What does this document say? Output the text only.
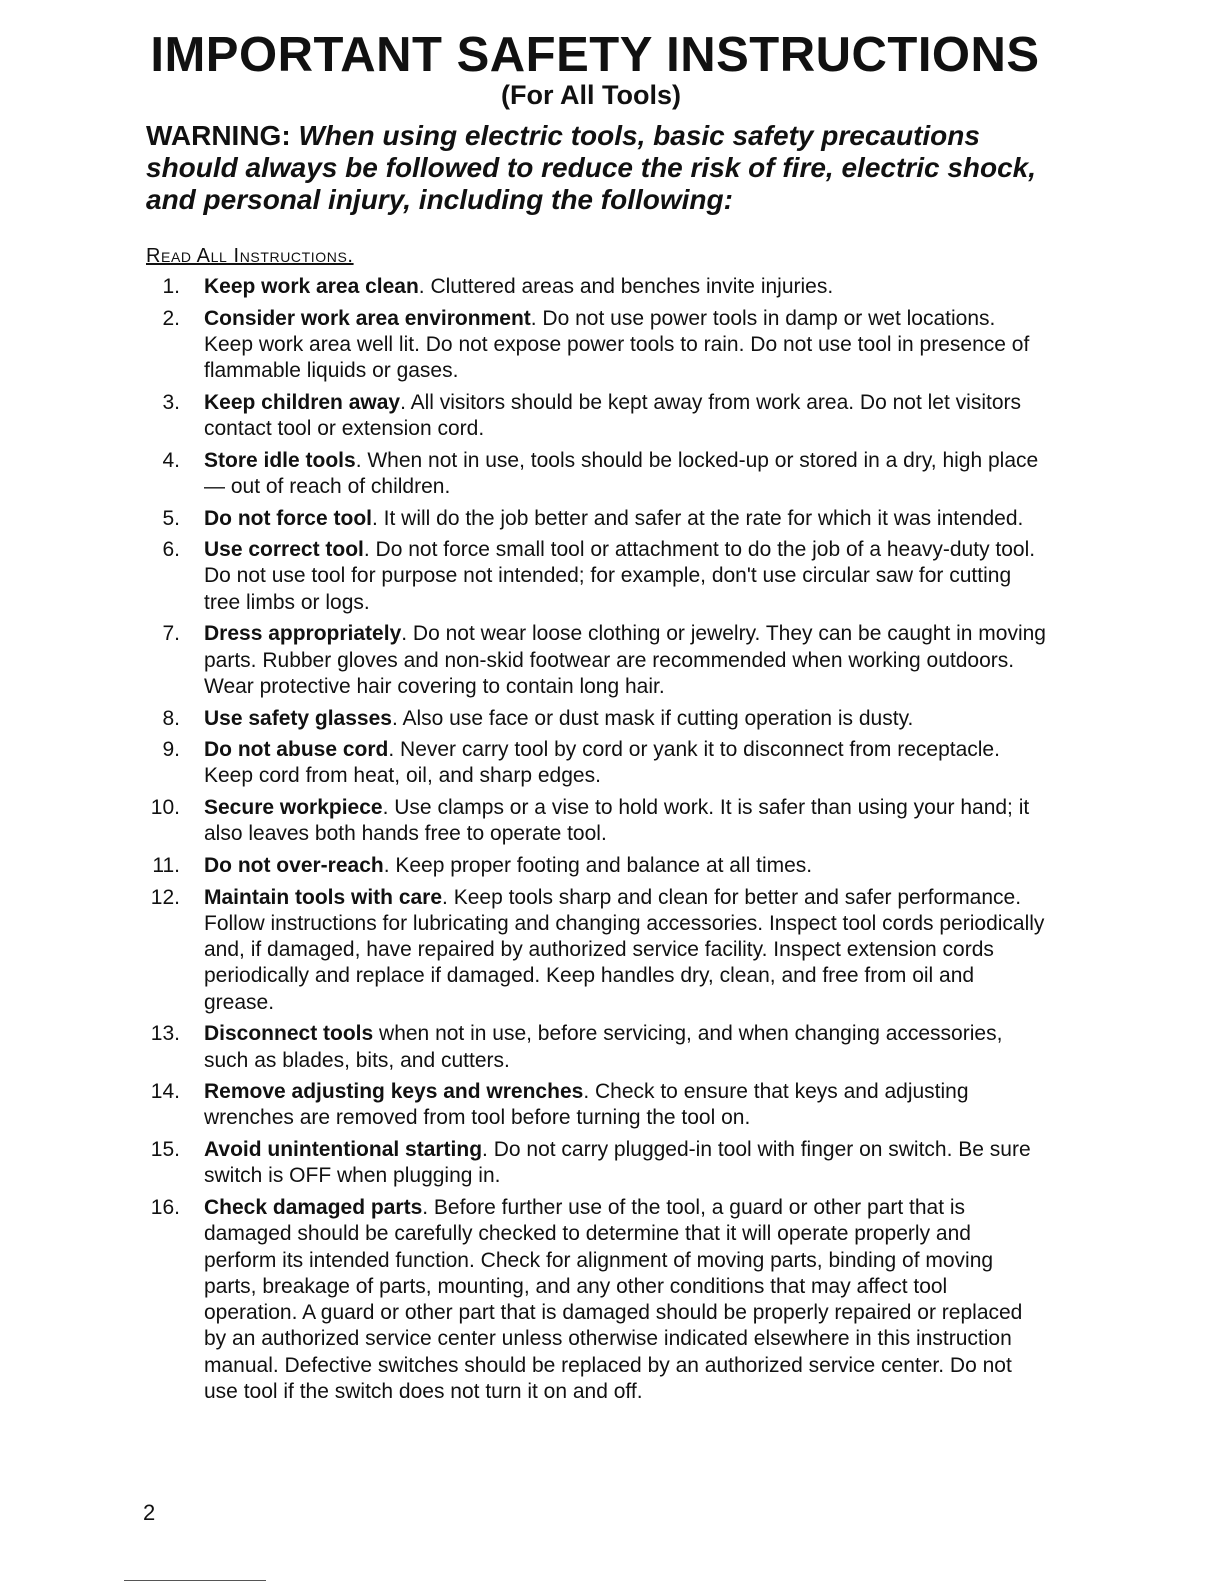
IMPORTANT SAFETY INSTRUCTIONS
(For All Tools)
WARNING: When using electric tools, basic safety precautions should always be followed to reduce the risk of fire, electric shock, and personal injury, including the following:
Read All Instructions.
1. Keep work area clean. Cluttered areas and benches invite injuries.
2. Consider work area environment. Do not use power tools in damp or wet locations. Keep work area well lit. Do not expose power tools to rain. Do not use tool in presence of flammable liquids or gases.
3. Keep children away. All visitors should be kept away from work area. Do not let visitors contact tool or extension cord.
4. Store idle tools. When not in use, tools should be locked-up or stored in a dry, high place — out of reach of children.
5. Do not force tool. It will do the job better and safer at the rate for which it was intended.
6. Use correct tool. Do not force small tool or attachment to do the job of a heavy-duty tool. Do not use tool for purpose not intended; for example, don't use circular saw for cutting tree limbs or logs.
7. Dress appropriately. Do not wear loose clothing or jewelry. They can be caught in moving parts. Rubber gloves and non-skid footwear are recommended when working outdoors. Wear protective hair covering to contain long hair.
8. Use safety glasses. Also use face or dust mask if cutting operation is dusty.
9. Do not abuse cord. Never carry tool by cord or yank it to disconnect from receptacle. Keep cord from heat, oil, and sharp edges.
10. Secure workpiece. Use clamps or a vise to hold work. It is safer than using your hand; it also leaves both hands free to operate tool.
11. Do not over-reach. Keep proper footing and balance at all times.
12. Maintain tools with care. Keep tools sharp and clean for better and safer performance. Follow instructions for lubricating and changing accessories. Inspect tool cords periodically and, if damaged, have repaired by authorized service facility. Inspect extension cords periodically and replace if damaged. Keep handles dry, clean, and free from oil and grease.
13. Disconnect tools when not in use, before servicing, and when changing accessories, such as blades, bits, and cutters.
14. Remove adjusting keys and wrenches. Check to ensure that keys and adjusting wrenches are removed from tool before turning the tool on.
15. Avoid unintentional starting. Do not carry plugged-in tool with finger on switch. Be sure switch is OFF when plugging in.
16. Check damaged parts. Before further use of the tool, a guard or other part that is damaged should be carefully checked to determine that it will operate properly and perform its intended function. Check for alignment of moving parts, binding of moving parts, breakage of parts, mounting, and any other conditions that may affect tool operation. A guard or other part that is damaged should be properly repaired or replaced by an authorized service center unless otherwise indicated elsewhere in this instruction manual. Defective switches should be replaced by an authorized service center. Do not use tool if the switch does not turn it on and off.
2
